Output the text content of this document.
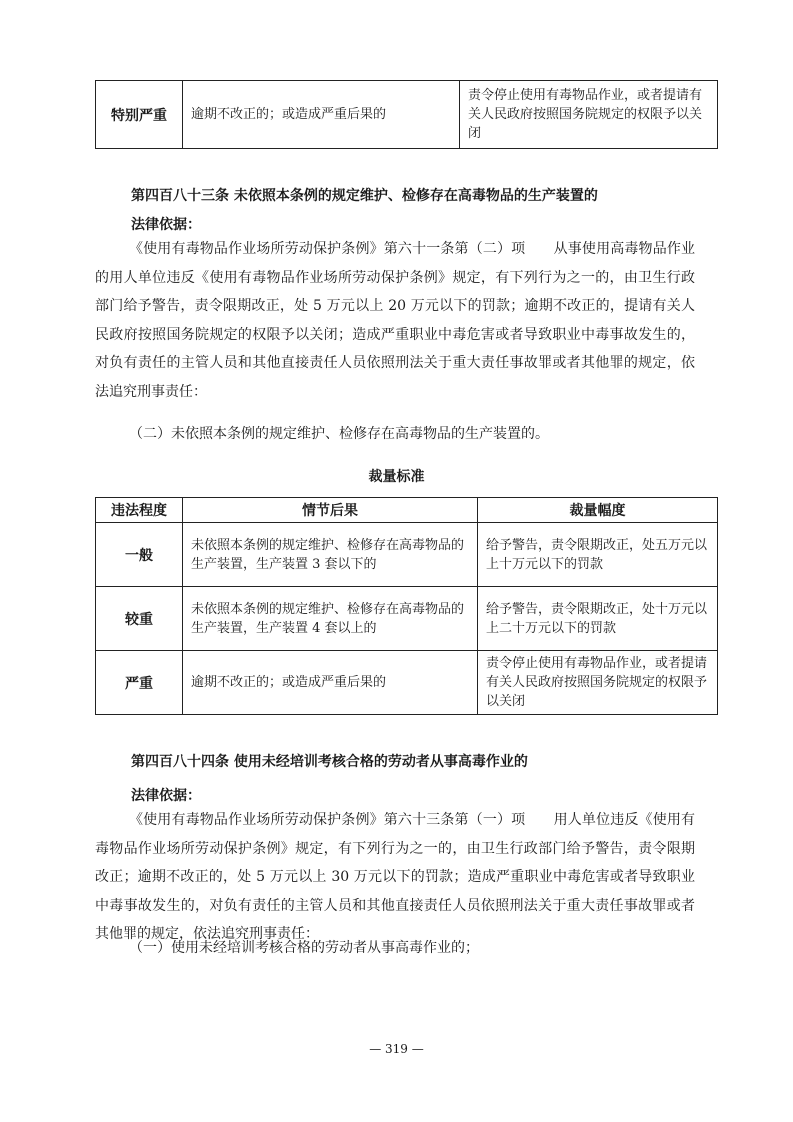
特别严重	逾期不改正的；或造成严重后果的	责令停止使用有毒物品作业，或者提请有关人民政府按照国务院规定的权限予以关闭

第四百八十三条 未依照本条例的规定维护、检修存在高毒物品的生产装置的

法律依据：

《使用有毒物品作业场所劳动保护条例》第六十一条第（二）项　　从事使用高毒物品作业的用人单位违反《使用有毒物品作业场所劳动保护条例》规定，有下列行为之一的，由卫生行政部门给予警告，责令限期改正，处 5 万元以上 20 万元以下的罚款；逾期不改正的，提请有关人民政府按照国务院规定的权限予以关闭；造成严重职业中毒危害或者导致职业中毒事故发生的，对负有责任的主管人员和其他直接责任人员依照刑法关于重大责任事故罪或者其他罪的规定，依法追究刑事责任：

（二）未依照本条例的规定维护、检修存在高毒物品的生产装置的。

裁量标准

违法程度	情节后果	裁量幅度
一般	未依照本条例的规定维护、检修存在高毒物品的生产装置，生产装置 3 套以下的	给予警告，责令限期改正，处五万元以上十万元以下的罚款
较重	未依照本条例的规定维护、检修存在高毒物品的生产装置，生产装置 4 套以上的	给予警告，责令限期改正，处十万元以上二十万元以下的罚款
严重	逾期不改正的；或造成严重后果的	责令停止使用有毒物品作业，或者提请有关人民政府按照国务院规定的权限予以关闭

第四百八十四条 使用未经培训考核合格的劳动者从事高毒作业的

法律依据：

《使用有毒物品作业场所劳动保护条例》第六十三条第（一）项　　用人单位违反《使用有毒物品作业场所劳动保护条例》规定，有下列行为之一的，由卫生行政部门给予警告，责令限期改正；逾期不改正的，处 5 万元以上 30 万元以下的罚款；造成严重职业中毒危害或者导致职业中毒事故发生的，对负有责任的主管人员和其他直接责任人员依照刑法关于重大责任事故罪或者其他罪的规定，依法追究刑事责任：

（一）使用未经培训考核合格的劳动者从事高毒作业的；

— 319 —
